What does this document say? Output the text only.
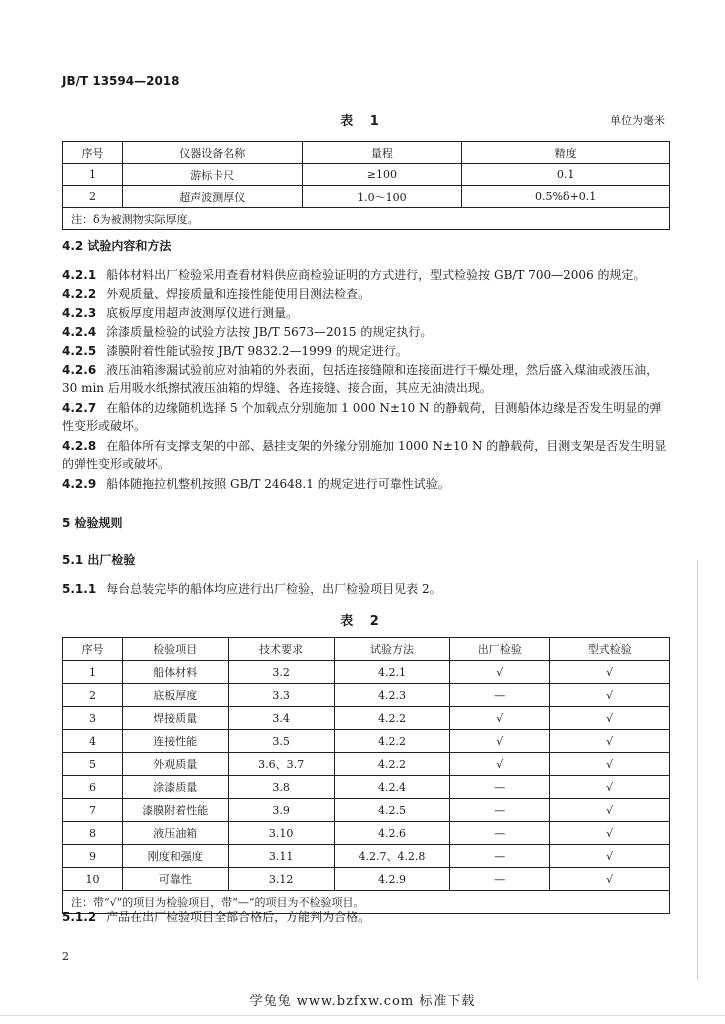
JB/T 13594—2018
表 1	单位为毫米
序号	仪器设备名称	量程	精度
1	游标卡尺	≥100	0.1
2	超声波测厚仪	1.0～100	0.5%δ+0.1
注：δ为被测物实际厚度。			
4.2 试验内容和方法
4.2.1 船体材料出厂检验采用查看材料供应商检验证明的方式进行，型式检验按 GB/T 700—2006 的规定。
4.2.2 外观质量、焊接质量和连接性能使用目测法检查。
4.2.3 底板厚度用超声波测厚仪进行测量。
4.2.4 涂漆质量检验的试验方法按 JB/T 5673—2015 的规定执行。
4.2.5 漆膜附着性能试验按 JB/T 9832.2—1999 的规定进行。
4.2.6 液压油箱渗漏试验前应对油箱的外表面，包括连接缝隙和连接面进行干燥处理，然后盛入煤油或液压油，30 min 后用吸水纸擦拭液压油箱的焊缝、各连接缝、接合面，其应无油渍出现。
4.2.7 在船体的边缘随机选择 5 个加载点分别施加 1 000 N±10 N 的静载荷，目测船体边缘是否发生明显的弹性变形或破坏。
4.2.8 在船体所有支撑支架的中部、悬挂支架的外缘分别施加 1000 N±10 N 的静载荷，目测支架是否发生明显的弹性变形或破坏。
4.2.9 船体随拖拉机整机按照 GB/T 24648.1 的规定进行可靠性试验。
5 检验规则
5.1 出厂检验
5.1.1 每台总装完毕的船体均应进行出厂检验，出厂检验项目见表 2。
表 2
序号	检验项目	技术要求	试验方法	出厂检验	型式检验
1	船体材料	3.2	4.2.1	√	√
2	底板厚度	3.3	4.2.3	—	√
3	焊接质量	3.4	4.2.2	√	√
4	连接性能	3.5	4.2.2	√	√
5	外观质量	3.6、3.7	4.2.2	√	√
6	涂漆质量	3.8	4.2.4	—	√
7	漆膜附着性能	3.9	4.2.5	—	√
8	液压油箱	3.10	4.2.6	—	√
9	刚度和强度	3.11	4.2.7、4.2.8	—	√
10	可靠性	3.12	4.2.9	—	√
注：带“√”的项目为检验项目，带“—”的项目为不检验项目。					
5.1.2 产品在出厂检验项目全部合格后，方能判为合格。
2
学兔兔 www.bzfxw.com 标准下载
